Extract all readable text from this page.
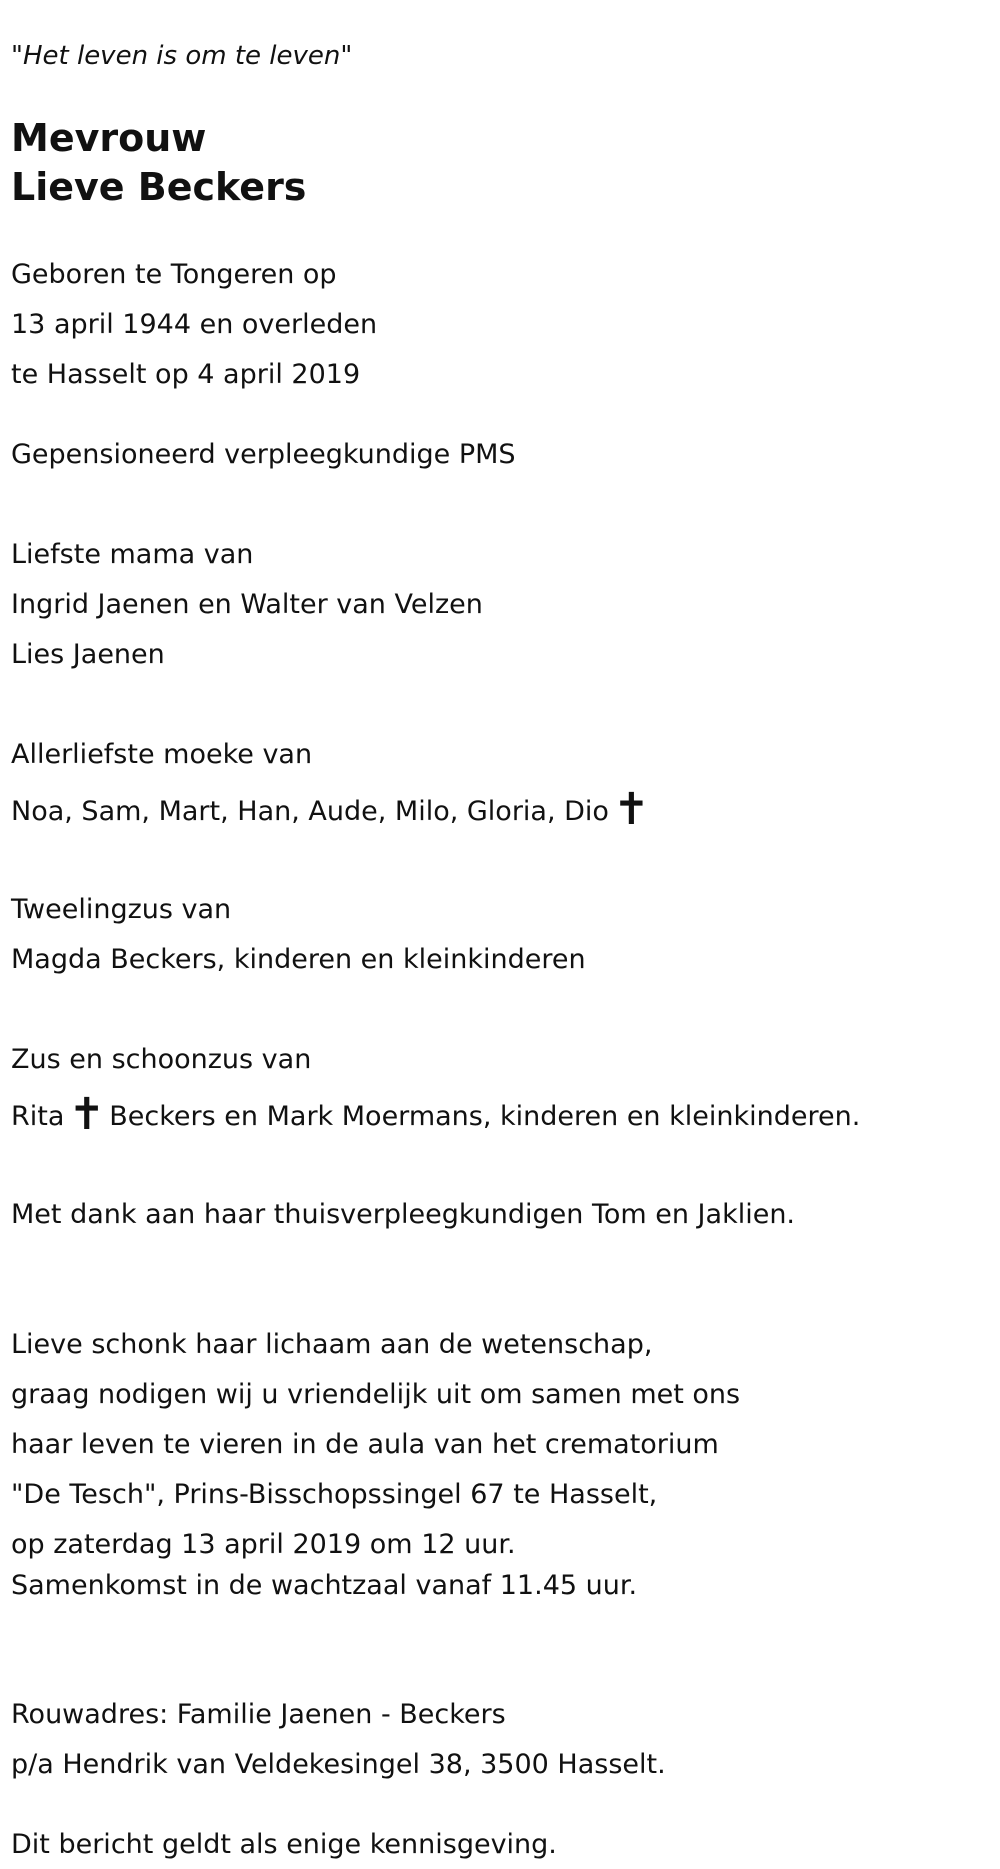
"Het leven is om te leven"

Mevrouw
Lieve Beckers

Geboren te Tongeren op

13 april 1944 en overleden

te Hasselt op 4 april 2019

Gepensioneerd verpleegkundige PMS

Liefste mama van

Ingrid Jaenen en Walter van Velzen

Lies Jaenen

Allerliefste moeke van

Noa, Sam, Mart, Han, Aude, Milo, Gloria, Dio✝

Tweelingzus van

Magda Beckers, kinderen en kleinkinderen

Zus en schoonzus van

Rita✝ Beckers en Mark Moermans, kinderen en kleinkinderen.

Met dank aan haar thuisverpleegkundigen Tom en Jaklien.

Lieve schonk haar lichaam aan de wetenschap,

graag nodigen wij u vriendelijk uit om samen met ons

haar leven te vieren in de aula van het crematorium

"De Tesch", Prins-Bisschopssingel 67 te Hasselt,

op zaterdag 13 april 2019 om 12 uur.

Samenkomst in de wachtzaal vanaf 11.45 uur.

Rouwadres: Familie Jaenen - Beckers

p/a Hendrik van Veldekesingel 38, 3500 Hasselt.

Dit bericht geldt als enige kennisgeving.
